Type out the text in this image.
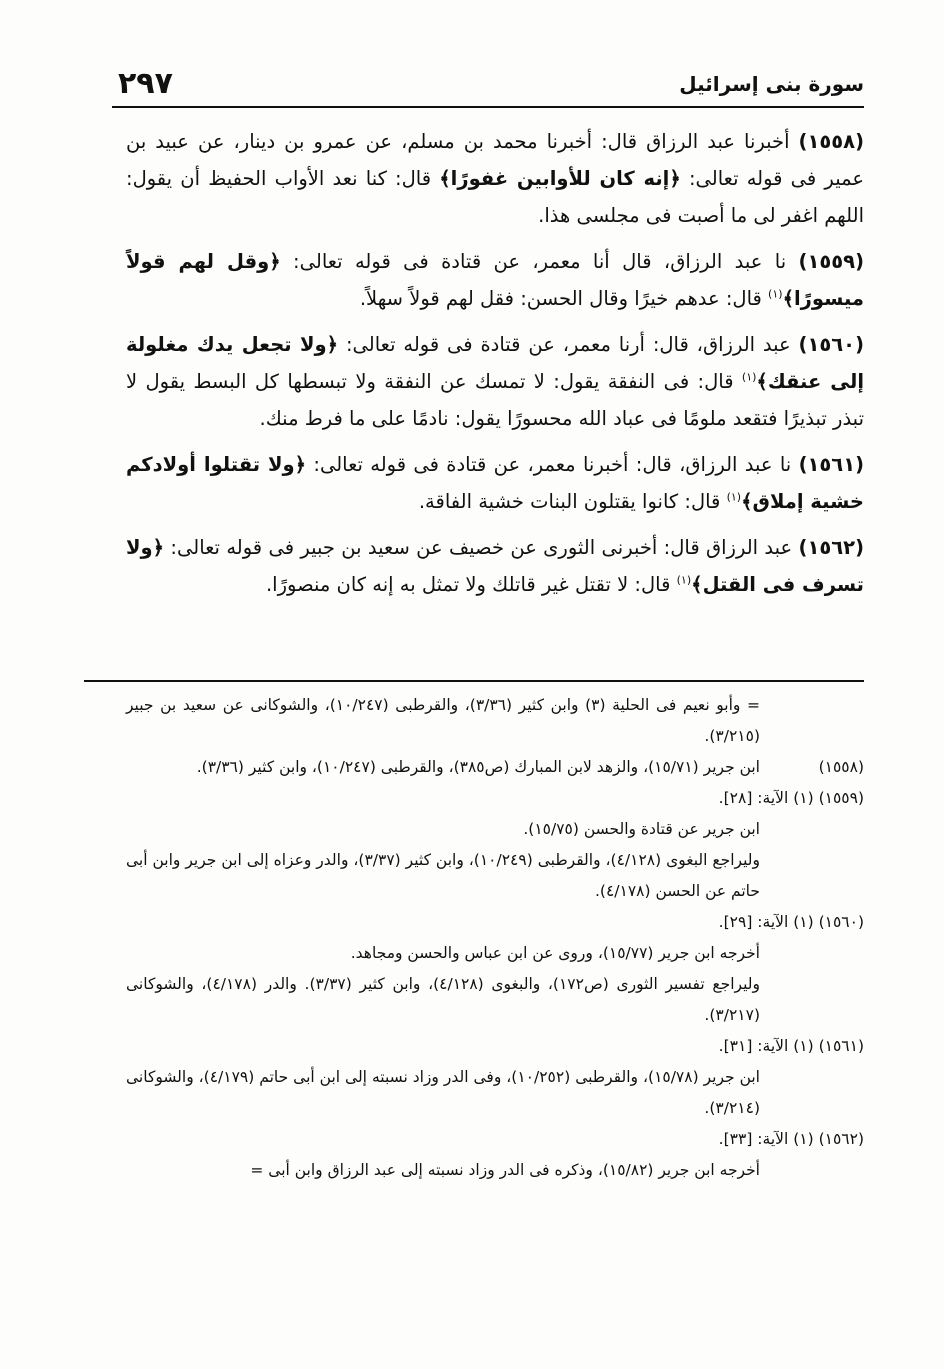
٢٩٧	سورة بنى إسرائيل

(١٥٥٨) أخبرنا عبد الرزاق قال: أخبرنا محمد بن مسلم، عن عمرو بن دينار، عن عبيد بن عمير فى قوله تعالى: ﴿إنه كان للأوابين غفورًا﴾ قال: كنا نعد الأواب الحفيظ أن يقول: اللهم اغفر لى ما أصبت فى مجلسى هذا.

(١٥٥٩) نا عبد الرزاق، قال أنا معمر، عن قتادة فى قوله تعالى: ﴿وقل لهم قولاً ميسورًا﴾$^{(١)}$ قال: عدهم خيرًا وقال الحسن: فقل لهم قولاً سهلاً.

(١٥٦٠) عبد الرزاق، قال: أرنا معمر، عن قتادة فى قوله تعالى: ﴿ولا تجعل يدك مغلولة إلى عنقك﴾$^{(١)}$ قال: فى النفقة يقول: لا تمسك عن النفقة ولا تبسطها كل البسط يقول لا تبذر تبذيرًا فتقعد ملومًا فى عباد الله محسورًا يقول: نادمًا على ما فرط منك.

(١٥٦١) نا عبد الرزاق، قال: أخبرنا معمر، عن قتادة فى قوله تعالى: ﴿ولا تقتلوا أولادكم خشية إملاق﴾$^{(١)}$ قال: كانوا يقتلون البنات خشية الفاقة.

(١٥٦٢) عبد الرزاق قال: أخبرنى الثورى عن خصيف عن سعيد بن جبير فى قوله تعالى: ﴿ولا تسرف فى القتل﴾$^{(١)}$ قال: لا تقتل غير قاتلك ولا تمثل به إنه كان منصورًا.

= وأبو نعيم فى الحلية (٣) وابن كثير (٣/٣٦)، والقرطبى (١٠/٢٤٧)، والشوكانى عن سعيد بن جبير (٣/٢١٥).
(١٥٥٨)
ابن جرير (١٥/٧١)، والزهد لابن المبارك (ص٣٨٥)، والقرطبى (١٠/٢٤٧)، وابن كثير (٣/٣٦).
(١٥٥٩) (١) الآية: [٢٨].
ابن جرير عن قتادة والحسن (١٥/٧٥).
وليراجع البغوى (٤/١٢٨)، والقرطبى (١٠/٢٤٩)، وابن كثير (٣/٣٧)، والدر وعزاه إلى ابن جرير وابن أبى حاتم عن الحسن (٤/١٧٨).
(١٥٦٠) (١) الآية: [٢٩].
أخرجه ابن جرير (١٥/٧٧)، وروى عن ابن عباس والحسن ومجاهد.
وليراجع تفسير الثورى (ص١٧٢)، والبغوى (٤/١٢٨)، وابن كثير (٣/٣٧). والدر (٤/١٧٨)، والشوكانى (٣/٢١٧).
(١٥٦١) (١) الآية: [٣١].
ابن جرير (١٥/٧٨)، والقرطبى (١٠/٢٥٢)، وفى الدر وزاد نسبته إلى ابن أبى حاتم (٤/١٧٩)، والشوكانى (٣/٢١٤).
(١٥٦٢) (١) الآية: [٣٣].
أخرجه ابن جرير (١٥/٨٢)، وذكره فى الدر وزاد نسبته إلى عبد الرزاق وابن أبى =
